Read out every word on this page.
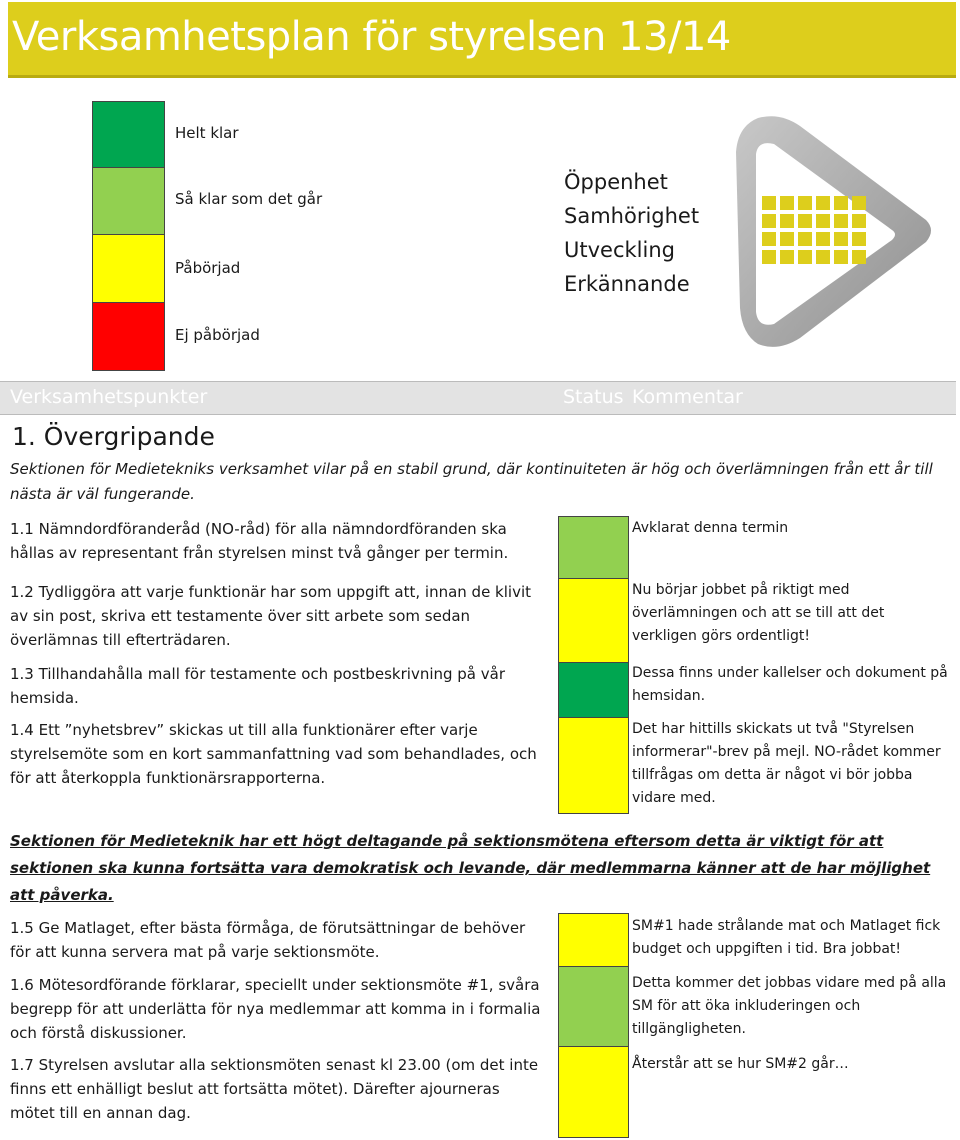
Verksamhetsplan för styrelsen 13/14
Helt klar
Så klar som det går
Påbörjad
Ej påbörjad
Öppenhet
Samhörighet
Utveckling
Erkännande
Verksamhetspunkter	Status Kommentar
1. Övergripande
Sektionen för Medietekniks verksamhet vilar på en stabil grund, där kontinuiteten är hög och överlämningen från ett år till nästa är väl fungerande.
1.1 Nämndordföranderåd (NO-råd) för alla nämndordföranden ska hållas av representant från styrelsen minst två gånger per termin.
1.2 Tydliggöra att varje funktionär har som uppgift att, innan de klivit av sin post, skriva ett testamente över sitt arbete som sedan överlämnas till efterträdaren.
1.3 Tillhandahålla mall för testamente och postbeskrivning på vår hemsida.
1.4 Ett ”nyhetsbrev” skickas ut till alla funktionärer efter varje styrelsemöte som en kort sammanfattning vad som behandlades, och för att återkoppla funktionärsrapporterna.
Avklarat denna termin
Nu börjar jobbet på riktigt med överlämningen och att se till att det verkligen görs ordentligt!
Dessa finns under kallelser och dokument på hemsidan.
Det har hittills skickats ut två "Styrelsen informerar"-brev på mejl. NO-rådet kommer tillfrågas om detta är något vi bör jobba vidare med.
Sektionen för Medieteknik har ett högt deltagande på sektionsmötena eftersom detta är viktigt för att sektionen ska kunna fortsätta vara demokratisk och levande, där medlemmarna känner att de har möjlighet att påverka.
1.5 Ge Matlaget, efter bästa förmåga, de förutsättningar de behöver för att kunna servera mat på varje sektionsmöte.
1.6 Mötesordförande förklarar, speciellt under sektionsmöte #1, svåra begrepp för att underlätta för nya medlemmar att komma in i formalia och förstå diskussioner.
1.7 Styrelsen avslutar alla sektionsmöten senast kl 23.00 (om det inte finns ett enhälligt beslut att fortsätta mötet). Därefter ajourneras mötet till en annan dag.
SM#1 hade strålande mat och Matlaget fick budget och uppgiften i tid. Bra jobbat!
Detta kommer det jobbas vidare med på alla SM för att öka inkluderingen och tillgängligheten.
Återstår att se hur SM#2 går…
